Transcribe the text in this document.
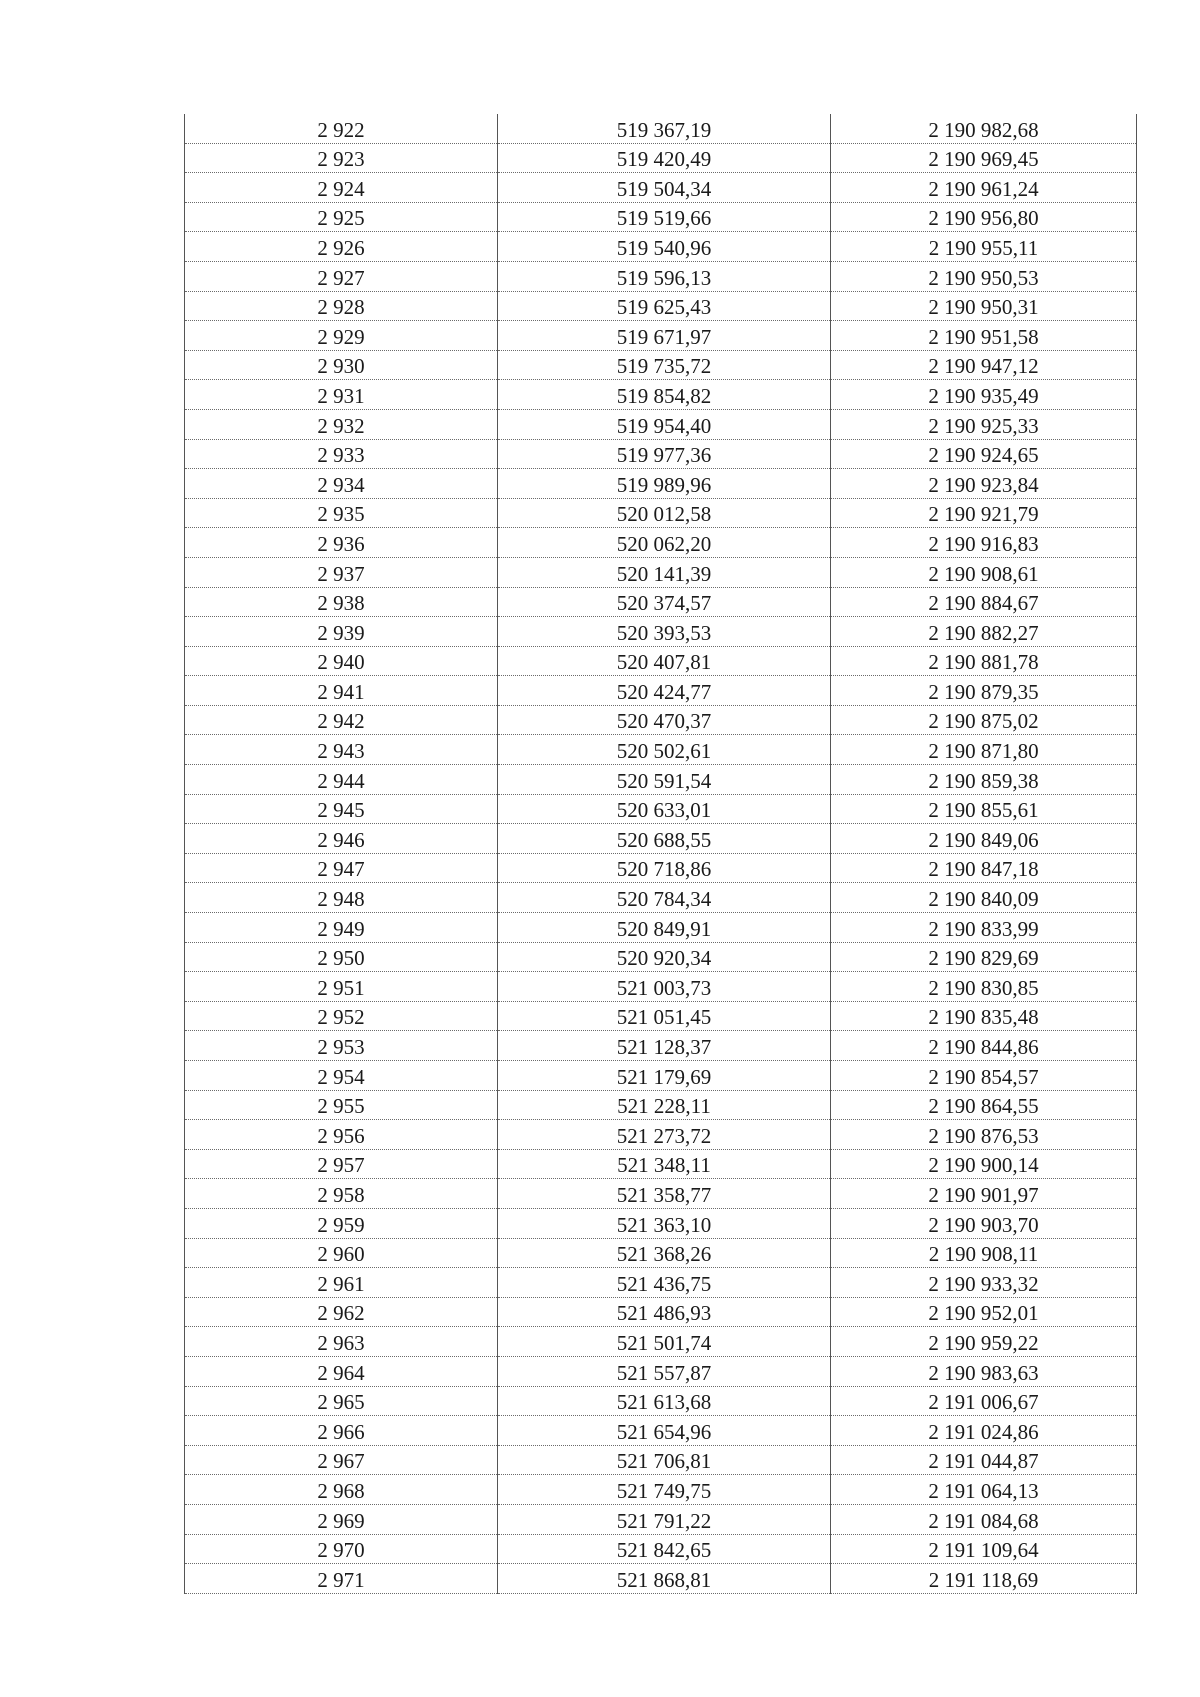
2 922	519 367,19	2 190 982,68
2 923	519 420,49	2 190 969,45
2 924	519 504,34	2 190 961,24
2 925	519 519,66	2 190 956,80
2 926	519 540,96	2 190 955,11
2 927	519 596,13	2 190 950,53
2 928	519 625,43	2 190 950,31
2 929	519 671,97	2 190 951,58
2 930	519 735,72	2 190 947,12
2 931	519 854,82	2 190 935,49
2 932	519 954,40	2 190 925,33
2 933	519 977,36	2 190 924,65
2 934	519 989,96	2 190 923,84
2 935	520 012,58	2 190 921,79
2 936	520 062,20	2 190 916,83
2 937	520 141,39	2 190 908,61
2 938	520 374,57	2 190 884,67
2 939	520 393,53	2 190 882,27
2 940	520 407,81	2 190 881,78
2 941	520 424,77	2 190 879,35
2 942	520 470,37	2 190 875,02
2 943	520 502,61	2 190 871,80
2 944	520 591,54	2 190 859,38
2 945	520 633,01	2 190 855,61
2 946	520 688,55	2 190 849,06
2 947	520 718,86	2 190 847,18
2 948	520 784,34	2 190 840,09
2 949	520 849,91	2 190 833,99
2 950	520 920,34	2 190 829,69
2 951	521 003,73	2 190 830,85
2 952	521 051,45	2 190 835,48
2 953	521 128,37	2 190 844,86
2 954	521 179,69	2 190 854,57
2 955	521 228,11	2 190 864,55
2 956	521 273,72	2 190 876,53
2 957	521 348,11	2 190 900,14
2 958	521 358,77	2 190 901,97
2 959	521 363,10	2 190 903,70
2 960	521 368,26	2 190 908,11
2 961	521 436,75	2 190 933,32
2 962	521 486,93	2 190 952,01
2 963	521 501,74	2 190 959,22
2 964	521 557,87	2 190 983,63
2 965	521 613,68	2 191 006,67
2 966	521 654,96	2 191 024,86
2 967	521 706,81	2 191 044,87
2 968	521 749,75	2 191 064,13
2 969	521 791,22	2 191 084,68
2 970	521 842,65	2 191 109,64
2 971	521 868,81	2 191 118,69
